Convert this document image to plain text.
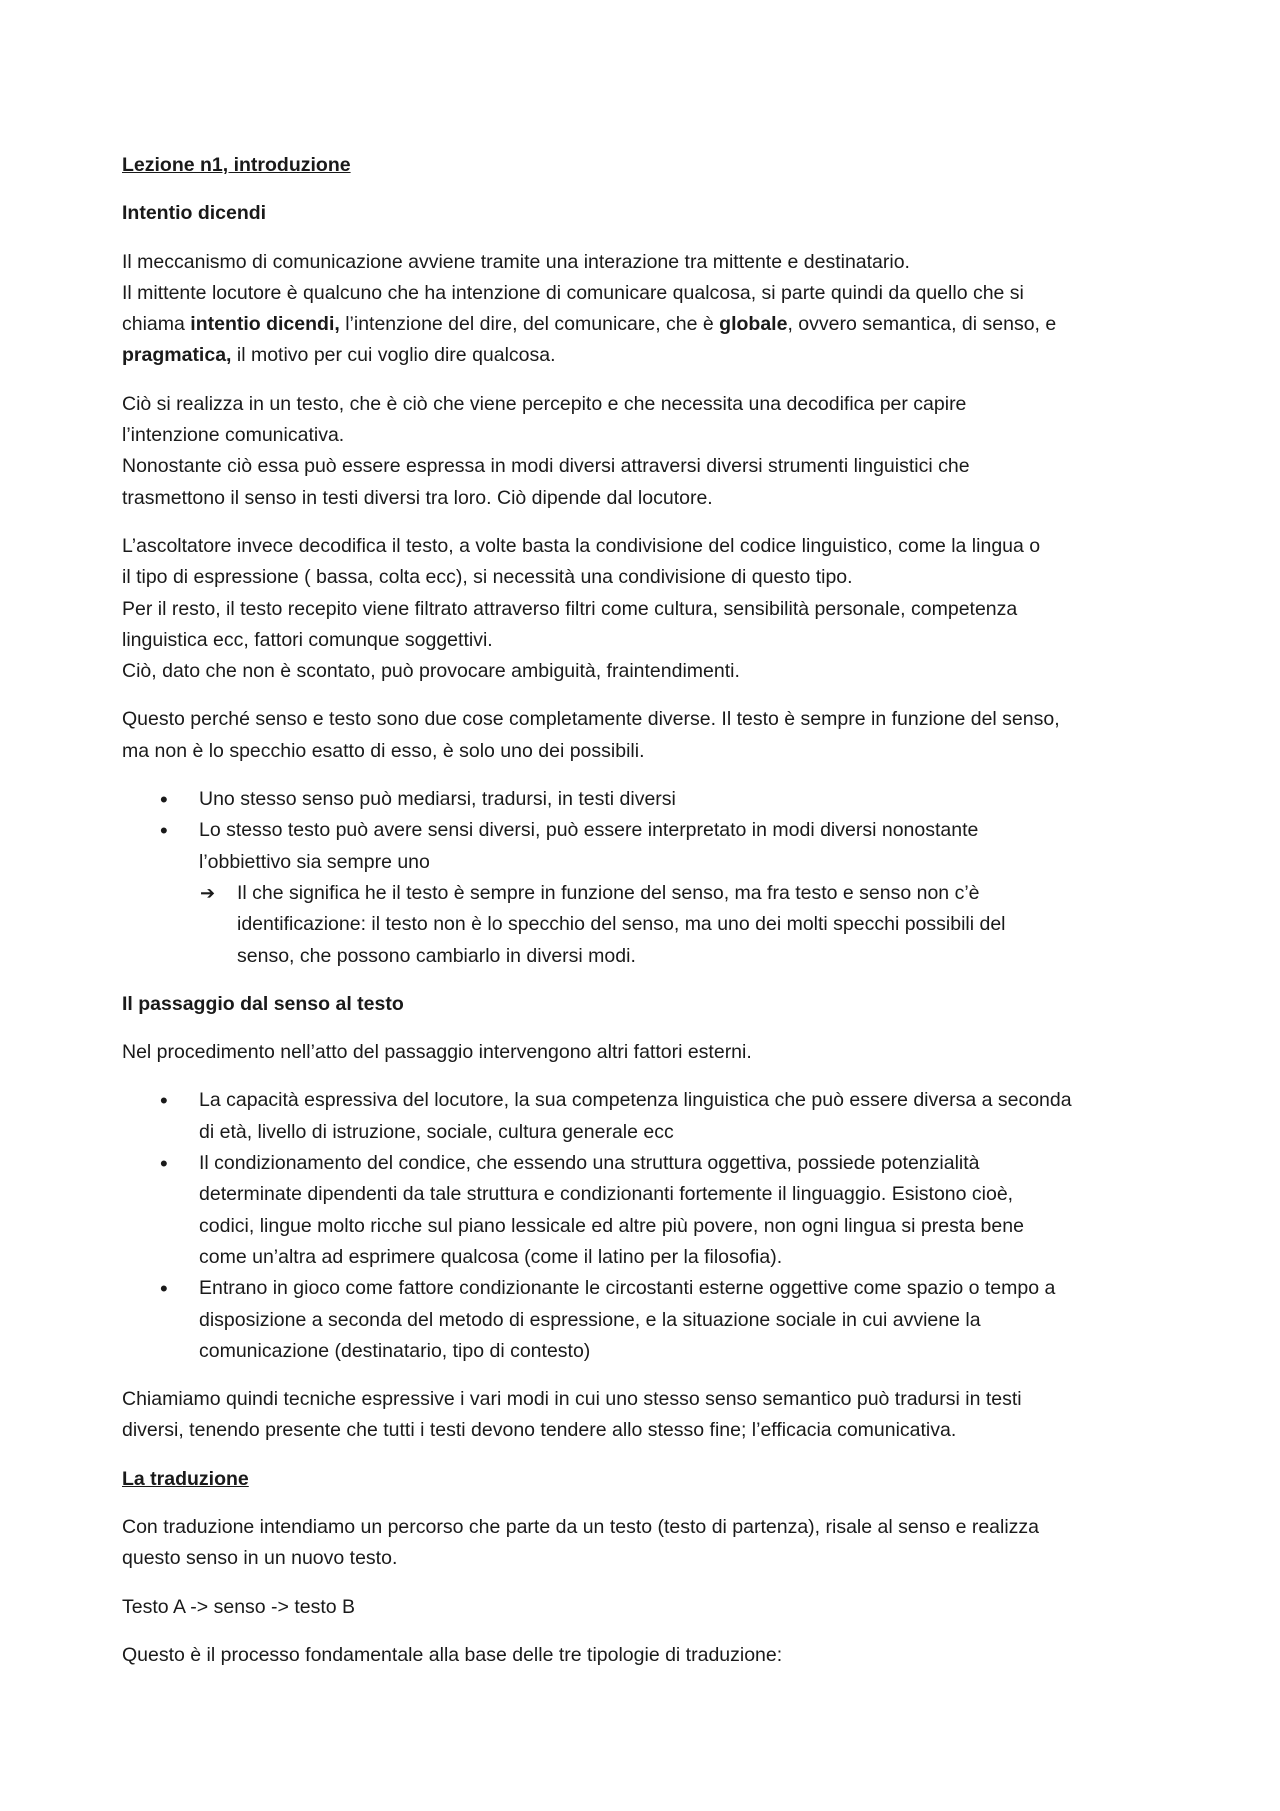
Lezione n1, introduzione

Intentio dicendi

Il meccanismo di comunicazione avviene tramite una interazione tra mittente e destinatario.
Il mittente locutore è qualcuno che ha intenzione di comunicare qualcosa, si parte quindi da quello che si
chiama intentio dicendi, l’intenzione del dire, del comunicare, che è globale, ovvero semantica, di senso, e
pragmatica, il motivo per cui voglio dire qualcosa.

Ciò si realizza in un testo, che è ciò che viene percepito e che necessita una decodifica per capire
l’intenzione comunicativa.
Nonostante ciò essa può essere espressa in modi diversi attraversi diversi strumenti linguistici che
trasmettono il senso in testi diversi tra loro. Ciò dipende dal locutore.

L’ascoltatore invece decodifica il testo, a volte basta la condivisione del codice linguistico, come la lingua o
il tipo di espressione ( bassa, colta ecc), si necessità una condivisione di questo tipo.
Per il resto, il testo recepito viene filtrato attraverso filtri come cultura, sensibilità personale, competenza
linguistica ecc, fattori comunque soggettivi.
Ciò, dato che non è scontato, può provocare ambiguità, fraintendimenti.

Questo perché senso e testo sono due cose completamente diverse. Il testo è sempre in funzione del senso,
ma non è lo specchio esatto di esso, è solo uno dei possibili.

• Uno stesso senso può mediarsi, tradursi, in testi diversi
• Lo stesso testo può avere sensi diversi, può essere interpretato in modi diversi nonostante
l’obbiettivo sia sempre uno
➔ Il che significa he il testo è sempre in funzione del senso, ma fra testo e senso non c’è
identificazione: il testo non è lo specchio del senso, ma uno dei molti specchi possibili del
senso, che possono cambiarlo in diversi modi.

Il passaggio dal senso al testo

Nel procedimento nell’atto del passaggio intervengono altri fattori esterni.

• La capacità espressiva del locutore, la sua competenza linguistica che può essere diversa a seconda
di età, livello di istruzione, sociale, cultura generale ecc
• Il condizionamento del condice, che essendo una struttura oggettiva, possiede potenzialità
determinate dipendenti da tale struttura e condizionanti fortemente il linguaggio. Esistono cioè,
codici, lingue molto ricche sul piano lessicale ed altre più povere, non ogni lingua si presta bene
come un’altra ad esprimere qualcosa (come il latino per la filosofia).
• Entrano in gioco come fattore condizionante le circostanti esterne oggettive come spazio o tempo a
disposizione a seconda del metodo di espressione, e la situazione sociale in cui avviene la
comunicazione (destinatario, tipo di contesto)

Chiamiamo quindi tecniche espressive i vari modi in cui uno stesso senso semantico può tradursi in testi
diversi, tenendo presente che tutti i testi devono tendere allo stesso fine; l’efficacia comunicativa.

La traduzione

Con traduzione intendiamo un percorso che parte da un testo (testo di partenza), risale al senso e realizza
questo senso in un nuovo testo.

Testo A -> senso -> testo B

Questo è il processo fondamentale alla base delle tre tipologie di traduzione:
